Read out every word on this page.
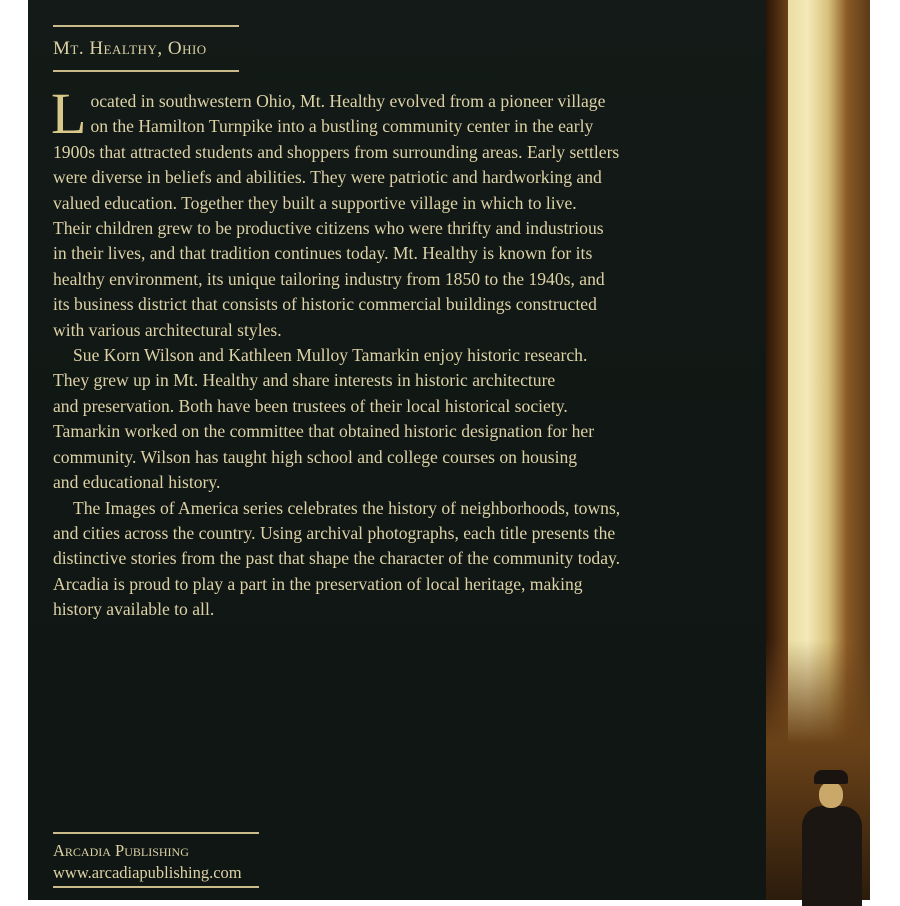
Mt. Healthy, Ohio
L ocated in southwestern Ohio, Mt. Healthy evolved from a pioneer village
on the Hamilton Turnpike into a bustling community center in the early
1900s that attracted students and shoppers from surrounding areas. Early settlers
were diverse in beliefs and abilities. They were patriotic and hardworking and
valued education. Together they built a supportive village in which to live.
Their children grew to be productive citizens who were thrifty and industrious
in their lives, and that tradition continues today. Mt. Healthy is known for its
healthy environment, its unique tailoring industry from 1850 to the 1940s, and
its business district that consists of historic commercial buildings constructed
with various architectural styles.
Sue Korn Wilson and Kathleen Mulloy Tamarkin enjoy historic research.
They grew up in Mt. Healthy and share interests in historic architecture
and preservation. Both have been trustees of their local historical society.
Tamarkin worked on the committee that obtained historic designation for her
community. Wilson has taught high school and college courses on housing
and educational history.
The Images of America series celebrates the history of neighborhoods, towns,
and cities across the country. Using archival photographs, each title presents the
distinctive stories from the past that shape the character of the community today.
Arcadia is proud to play a part in the preservation of local heritage, making
history available to all.
Arcadia Publishing
www.arcadiapublishing.com
